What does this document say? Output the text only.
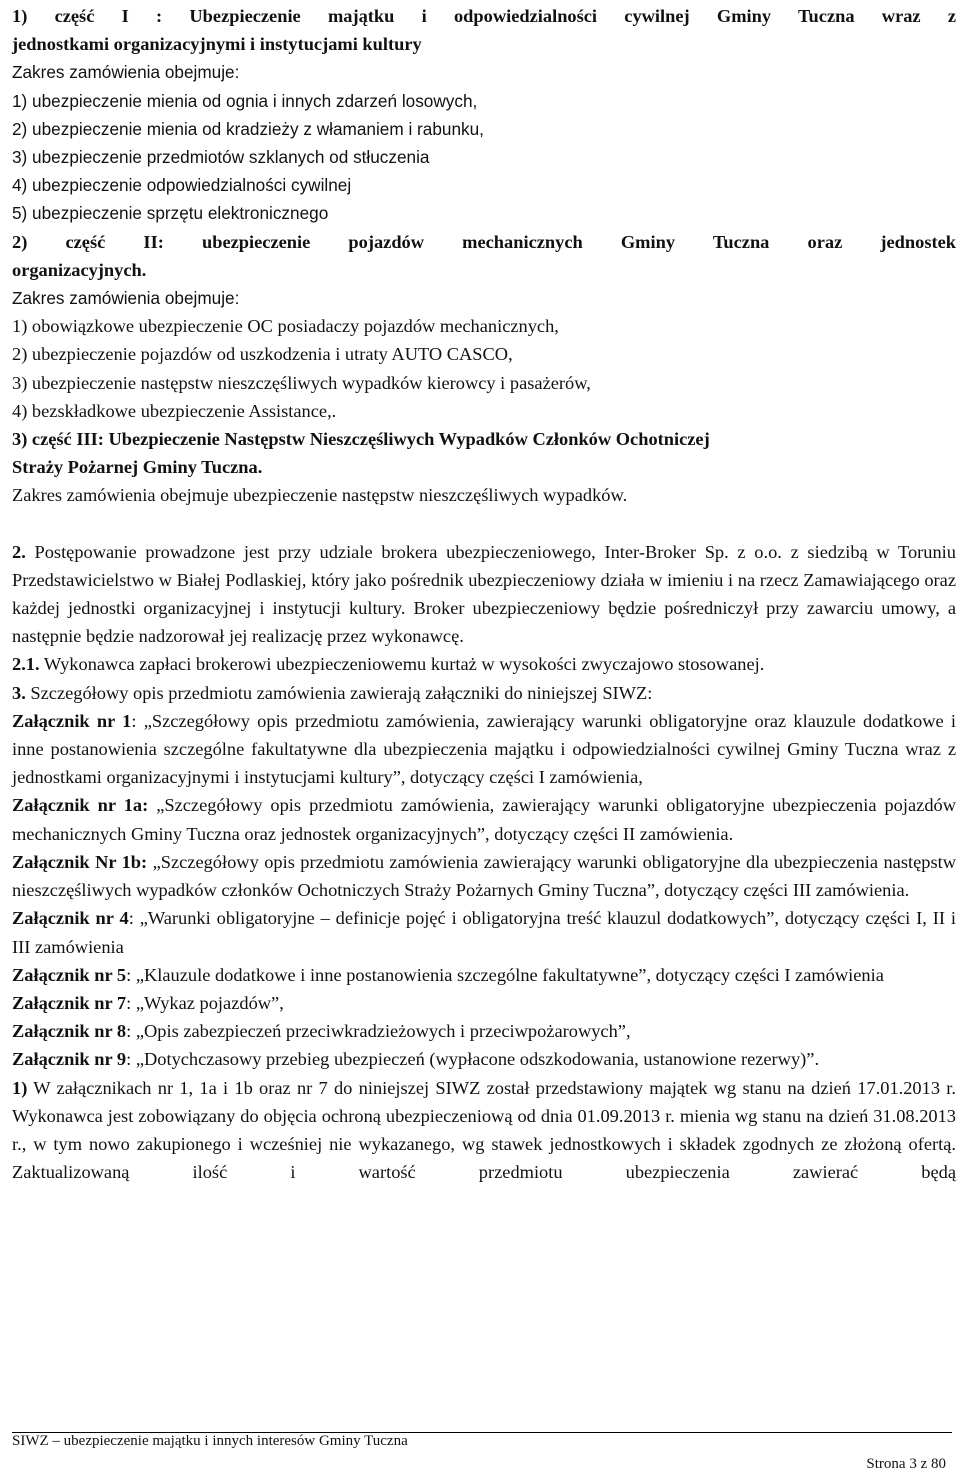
1) część I : Ubezpieczenie majątku i odpowiedzialności cywilnej Gminy Tuczna wraz z

jednostkami organizacyjnymi i instytucjami kultury

Zakres zamówienia obejmuje:

1) ubezpieczenie mienia od ognia i innych zdarzeń losowych,

2) ubezpieczenie mienia od kradzieży z włamaniem i rabunku,

3) ubezpieczenie przedmiotów szklanych od stłuczenia

4) ubezpieczenie odpowiedzialności cywilnej

5) ubezpieczenie sprzętu elektronicznego

2) część II: ubezpieczenie pojazdów mechanicznych Gminy Tuczna oraz jednostek

organizacyjnych.

Zakres zamówienia obejmuje:

1) obowiązkowe ubezpieczenie OC posiadaczy pojazdów mechanicznych,

2) ubezpieczenie pojazdów od uszkodzenia i utraty AUTO CASCO,

3) ubezpieczenie następstw nieszczęśliwych wypadków kierowcy i pasażerów,

4) bezskładkowe ubezpieczenie Assistance,.

3) część III: Ubezpieczenie Następstw Nieszczęśliwych Wypadków Członków Ochotniczej

Straży Pożarnej Gminy Tuczna.

Zakres zamówienia obejmuje ubezpieczenie następstw nieszczęśliwych wypadków.

2. Postępowanie prowadzone jest przy udziale brokera ubezpieczeniowego, Inter-Broker Sp. z o.o. z siedzibą w Toruniu Przedstawicielstwo w Białej Podlaskiej, który jako pośrednik ubezpieczeniowy działa w imieniu i na rzecz Zamawiającego oraz każdej jednostki organizacyjnej i instytucji kultury. Broker ubezpieczeniowy będzie pośredniczył przy zawarciu umowy, a następnie będzie nadzorował jej realizację przez wykonawcę.

2.1. Wykonawca zapłaci brokerowi ubezpieczeniowemu kurtaż w wysokości zwyczajowo stosowanej.

3. Szczegółowy opis przedmiotu zamówienia zawierają załączniki do niniejszej SIWZ:

Załącznik nr 1: „Szczegółowy opis przedmiotu zamówienia, zawierający warunki obligatoryjne oraz klauzule dodatkowe i inne postanowienia szczególne fakultatywne dla ubezpieczenia majątku i odpowiedzialności cywilnej Gminy Tuczna wraz z jednostkami organizacyjnymi i instytucjami kultury”, dotyczący części I zamówienia,

Załącznik nr 1a: „Szczegółowy opis przedmiotu zamówienia, zawierający warunki obligatoryjne ubezpieczenia pojazdów mechanicznych Gminy Tuczna oraz jednostek organizacyjnych”, dotyczący części II zamówienia.

Załącznik Nr 1b: „Szczegółowy opis przedmiotu zamówienia zawierający warunki obligatoryjne dla ubezpieczenia następstw nieszczęśliwych wypadków członków Ochotniczych Straży Pożarnych Gminy Tuczna”, dotyczący części III zamówienia.

Załącznik nr 4: „Warunki obligatoryjne – definicje pojęć i obligatoryjna treść klauzul dodatkowych”, dotyczący części I, II i III zamówienia

Załącznik nr 5: „Klauzule dodatkowe i inne postanowienia szczególne fakultatywne”, dotyczący części I zamówienia

Załącznik nr 7: „Wykaz pojazdów”,

Załącznik nr 8: „Opis zabezpieczeń przeciwkradzieżowych i przeciwpożarowych”,

Załącznik nr 9: „Dotychczasowy przebieg ubezpieczeń (wypłacone odszkodowania, ustanowione rezerwy)”.

1) W załącznikach nr 1, 1a i 1b oraz nr 7 do niniejszej SIWZ został przedstawiony majątek wg stanu na dzień 17.01.2013 r. Wykonawca jest zobowiązany do objęcia ochroną ubezpieczeniową od dnia 01.09.2013 r. mienia wg stanu na dzień 31.08.2013 r., w tym nowo zakupionego i wcześniej nie wykazanego, wg stawek jednostkowych i składek zgodnych ze złożoną ofertą. Zaktualizowaną ilość i wartość przedmiotu ubezpieczenia zawierać będą

SIWZ – ubezpieczenie majątku i innych interesów Gminy Tuczna
Strona 3 z 80
